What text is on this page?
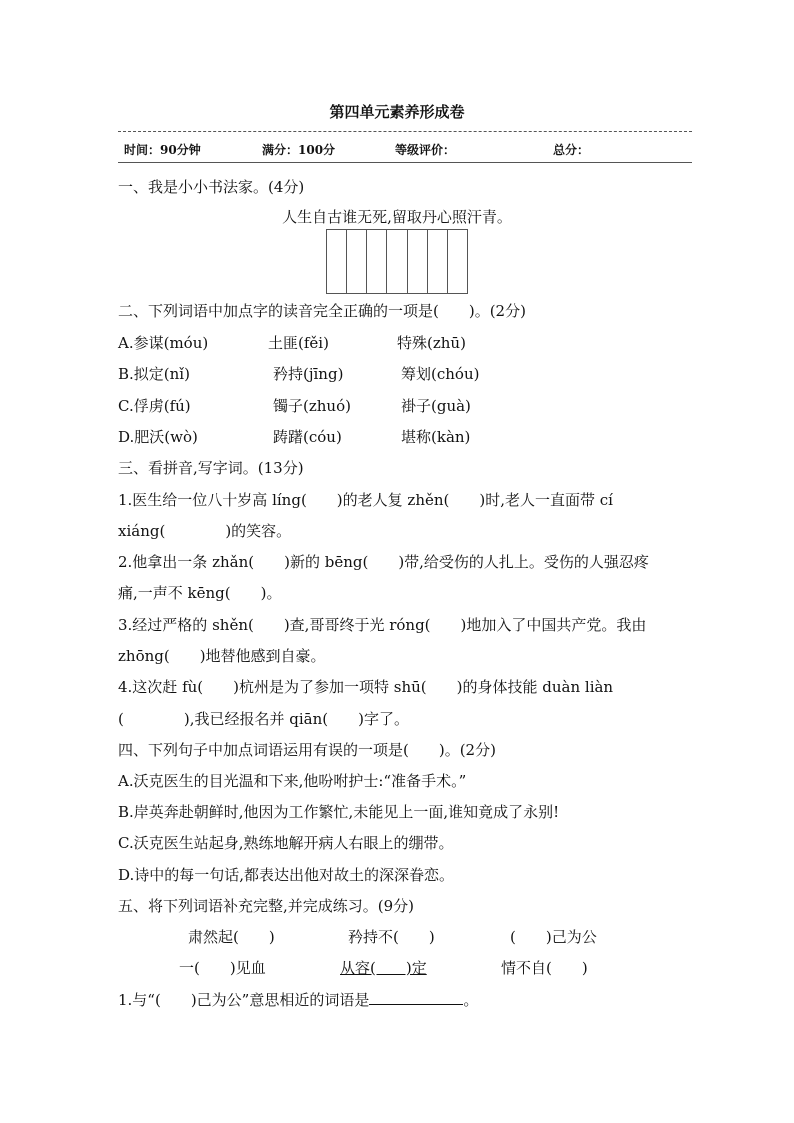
第四单元素养形成卷
时间：90分钟	满分：100分	等级评价：	总分：
一、我是小小书法家。(4分)
人生自古谁无死,留取丹心照汗青。
二、下列词语中加点字的读音完全正确的一项是(　　)。(2分)
A.参谋(móu)	土匪(fěi)	特殊(zhū)
B.拟定(nǐ)	矜持(jīng)	筹划(chóu)
C.俘虏(fú)	镯子(zhuó)	褂子(guà)
D.肥沃(wò)	踌躇(cóu)	堪称(kàn)
三、看拼音,写字词。(13分)
1.医生给一位八十岁高 líng(　　)的老人复 zhěn(　　)时,老人一直面带 cí
xiáng(　　　　)的笑容。
2.他拿出一条 zhǎn(　　)新的 bēng(　　)带,给受伤的人扎上。受伤的人强忍疼
痛,一声不 kēng(　　)。
3.经过严格的 shěn(　　)查,哥哥终于光 róng(　　)地加入了中国共产党。我由
zhōng(　　)地替他感到自豪。
4.这次赶 fù(　　)杭州是为了参加一项特 shū(　　)的身体技能 duàn liàn
(　　　　),我已经报名并 qiān(　　)字了。
四、下列句子中加点词语运用有误的一项是(　　)。(2分)
A.沃克医生的目光温和下来,他吩咐护士:“准备手术。”
B.岸英奔赴朝鲜时,他因为工作繁忙,未能见上一面,谁知竟成了永别!
C.沃克医生站起身,熟练地解开病人右眼上的绷带。
D.诗中的每一句话,都表达出他对故土的深深眷恋。
五、将下列词语补充完整,并完成练习。(9分)
肃然起(　　)	矜持不(　　)	(　　)己为公
一(　　)见血	从容(　　)定	情不自(　　)
1.与“(　　)己为公”意思相近的词语是	。
